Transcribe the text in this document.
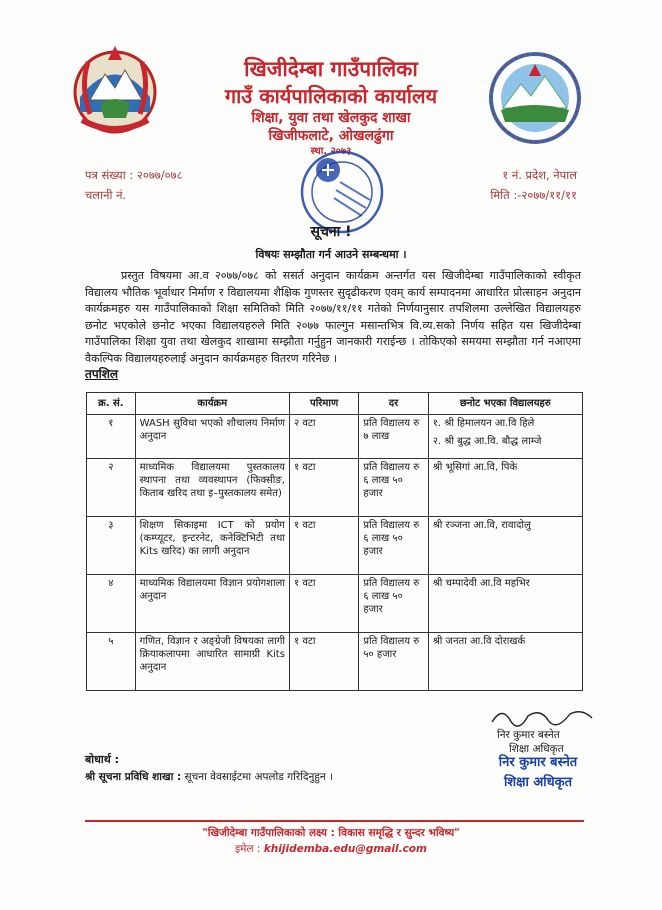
खिजीदेम्बा गाउँपालिका
गाउँ कार्यपालिकाको कार्यालय
शिक्षा, युवा तथा खेलकुद शाखा
खिजीफलाटे, ओखलढुंगा
स्था. २०७३
पत्र संख्या : २०७७/०७८
चलानी नं.
१ नं. प्रदेश, नेपाल
मिति :-२०७७/११/११
सूचना !
विषयः सम्झौता गर्न आउने सम्बन्धमा ।

प्रस्तुत विषयमा आ.व २०७७/०७८ को ससर्त अनुदान कार्यक्रम अन्तर्गत यस खिजीदेम्बा गाउँपालिकाको स्वीकृत विद्यालय भौतिक भूर्वाधार निर्माण र विद्यालयमा शैक्षिक गुणस्तर सुदृढीकरण एवम् कार्य सम्पादनमा आधारित प्रोत्साहन अनुदान कार्यक्रमहरु यस गाउँपालिकाको शिक्षा समितिको मिति २०७७/११/११ गतेको निर्णयानुसार तपशिलमा उल्लेखित विद्यालयहरु छनोट भएकोले छनोट भएका विद्यालयहरुले मिति २०७७ फाल्गुन मसान्तभित्र वि.व्य.सको निर्णय सहित यस खिजीदेम्बा गाउँपालिका शिक्षा युवा तथा खेलकुद शाखामा सम्झौता गर्नुहुन जानकारी गराईन्छ । तोकिएको समयमा सम्झौता गर्न नआएमा वैकल्पिक विद्यालयहरुलाई अनुदान कार्यक्रमहरु वितरण गरिनेछ ।

तपशिल
क्र. सं.	कार्यक्रम	परिमाण	दर	छनोट भएका विद्यालयहरु
१	WASH सुविधा भएको शौचालय निर्माण अनुदान	२ वटा	प्रति विद्यालय रु ७ लाख	१. श्री हिमालयन आ.वि हिले
२. श्री बुद्ध आ.वि. बौद्ध लाम्जे

२	माध्यमिक विद्यालयमा पुस्तकालय स्थापना तथा व्यवस्थापन (फिक्सीङ, किताब खरिद तथा इ–पुस्तकालय समेत)	१ वटा	प्रति विद्यालय रु ६ लाख ५० हजार	श्री भूसिगां आ.वि, पिके

३	शिक्षण सिकाइमा ICT को प्रयोग (कम्प्यूटर, इन्टरनेट, कनेक्टिभिटी तथा Kits खरिद) का लागी अनुदान	१ वटा	प्रति विद्यालय रु ६ लाख ५० हजार	श्री रञ्जना आ.वि, रावादोलु

४	माध्यमिक विद्यालयमा विज्ञान प्रयोगशाला अनुदान	१ वटा	प्रति विद्यालय रु ६ लाख ५० हजार	श्री चम्पादेवी आ.वि महभिर

५	गणित, विज्ञान र अङ्ग्रेजी विषयका लागी क्रियाकलापमा आधारित सामाग्री Kits अनुदान	१ वटा	प्रति विद्यालय रु ५० हजार	श्री जनता आ.वि दोराखर्क
निर कुमार बस्नेत
शिक्षा अधिकृत
निर कुमार बस्नेत
शिक्षा अधिकृत
बोधार्थ :
श्री सूचना प्रविधि शाखा : सूचना वेवसाईटमा अपलोड गरिदिनुहुन ।
"खिजीदेम्बा गाउँपालिकाको लक्ष्य : विकास समृद्धि र सुन्दर भविष्य"
इमेल : khijidemba.edu@gmail.com
